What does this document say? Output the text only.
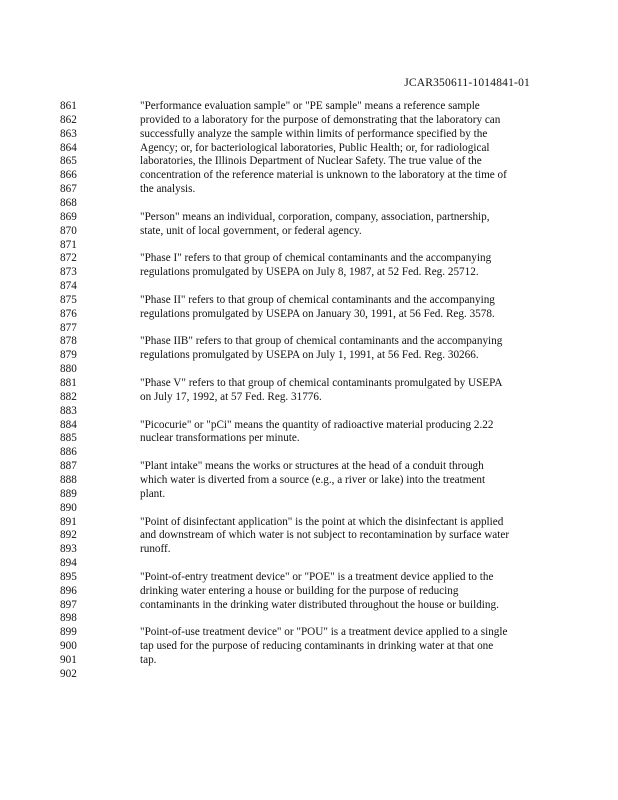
JCAR350611-1014841-01
861	"Performance evaluation sample" or "PE sample" means a reference sample
862	provided to a laboratory for the purpose of demonstrating that the laboratory can
863	successfully analyze the sample within limits of performance specified by the
864	Agency; or, for bacteriological laboratories, Public Health; or, for radiological
865	laboratories, the Illinois Department of Nuclear Safety. The true value of the
866	concentration of the reference material is unknown to the laboratory at the time of
867	the analysis.
868
869	"Person" means an individual, corporation, company, association, partnership,
870	state, unit of local government, or federal agency.
871
872	"Phase I" refers to that group of chemical contaminants and the accompanying
873	regulations promulgated by USEPA on July 8, 1987, at 52 Fed. Reg. 25712.
874
875	"Phase II" refers to that group of chemical contaminants and the accompanying
876	regulations promulgated by USEPA on January 30, 1991, at 56 Fed. Reg. 3578.
877
878	"Phase IIB" refers to that group of chemical contaminants and the accompanying
879	regulations promulgated by USEPA on July 1, 1991, at 56 Fed. Reg. 30266.
880
881	"Phase V" refers to that group of chemical contaminants promulgated by USEPA
882	on July 17, 1992, at 57 Fed. Reg. 31776.
883
884	"Picocurie" or "pCi" means the quantity of radioactive material producing 2.22
885	nuclear transformations per minute.
886
887	"Plant intake" means the works or structures at the head of a conduit through
888	which water is diverted from a source (e.g., a river or lake) into the treatment
889	plant.
890
891	"Point of disinfectant application" is the point at which the disinfectant is applied
892	and downstream of which water is not subject to recontamination by surface water
893	runoff.
894
895	"Point-of-entry treatment device" or "POE" is a treatment device applied to the
896	drinking water entering a house or building for the purpose of reducing
897	contaminants in the drinking water distributed throughout the house or building.
898
899	"Point-of-use treatment device" or "POU" is a treatment device applied to a single
900	tap used for the purpose of reducing contaminants in drinking water at that one
901	tap.
902
